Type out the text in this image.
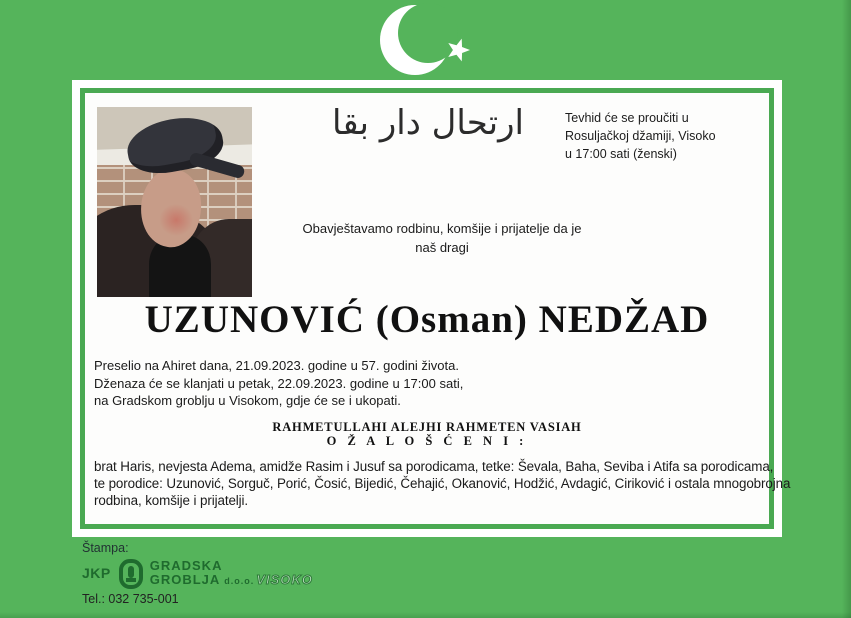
ارتحال دار بقا	Tevhid će se proučiti u
Rosuljačkoj džamiji, Visoko
u 17:00 sati (ženski)
Obavještavamo rodbinu, komšije i prijatelje da je
naš dragi
UZUNOVIĆ (Osman) NEDŽAD
Preselio na Ahiret dana, 21.09.2023. godine u 57. godini života.
Dženaza će se klanjati u petak, 22.09.2023. godine u 17:00 sati,
na Gradskom groblju u Visokom, gdje će se i ukopati.
RAHMETULLAHI ALEJHI RAHMETEN VASIAH
O Ž A L O Š Ć E N I :
brat Haris, nevjesta Adema, amidže Rasim i Jusuf sa porodicama, tetke: Ševala, Baha, Seviba i Atifa sa porodicama,
te porodice: Uzunović, Sorguč, Porić, Čosić, Bijedić, Čehajić, Okanović, Hodžić, Avdagić, Ciriković i ostala mnogobrojna
rodbina, komšije i prijatelji.
Štampa:
JKP	GRADSKA
GROBLJA d.o.o. VISOKO
Tel.: 032 735-001
